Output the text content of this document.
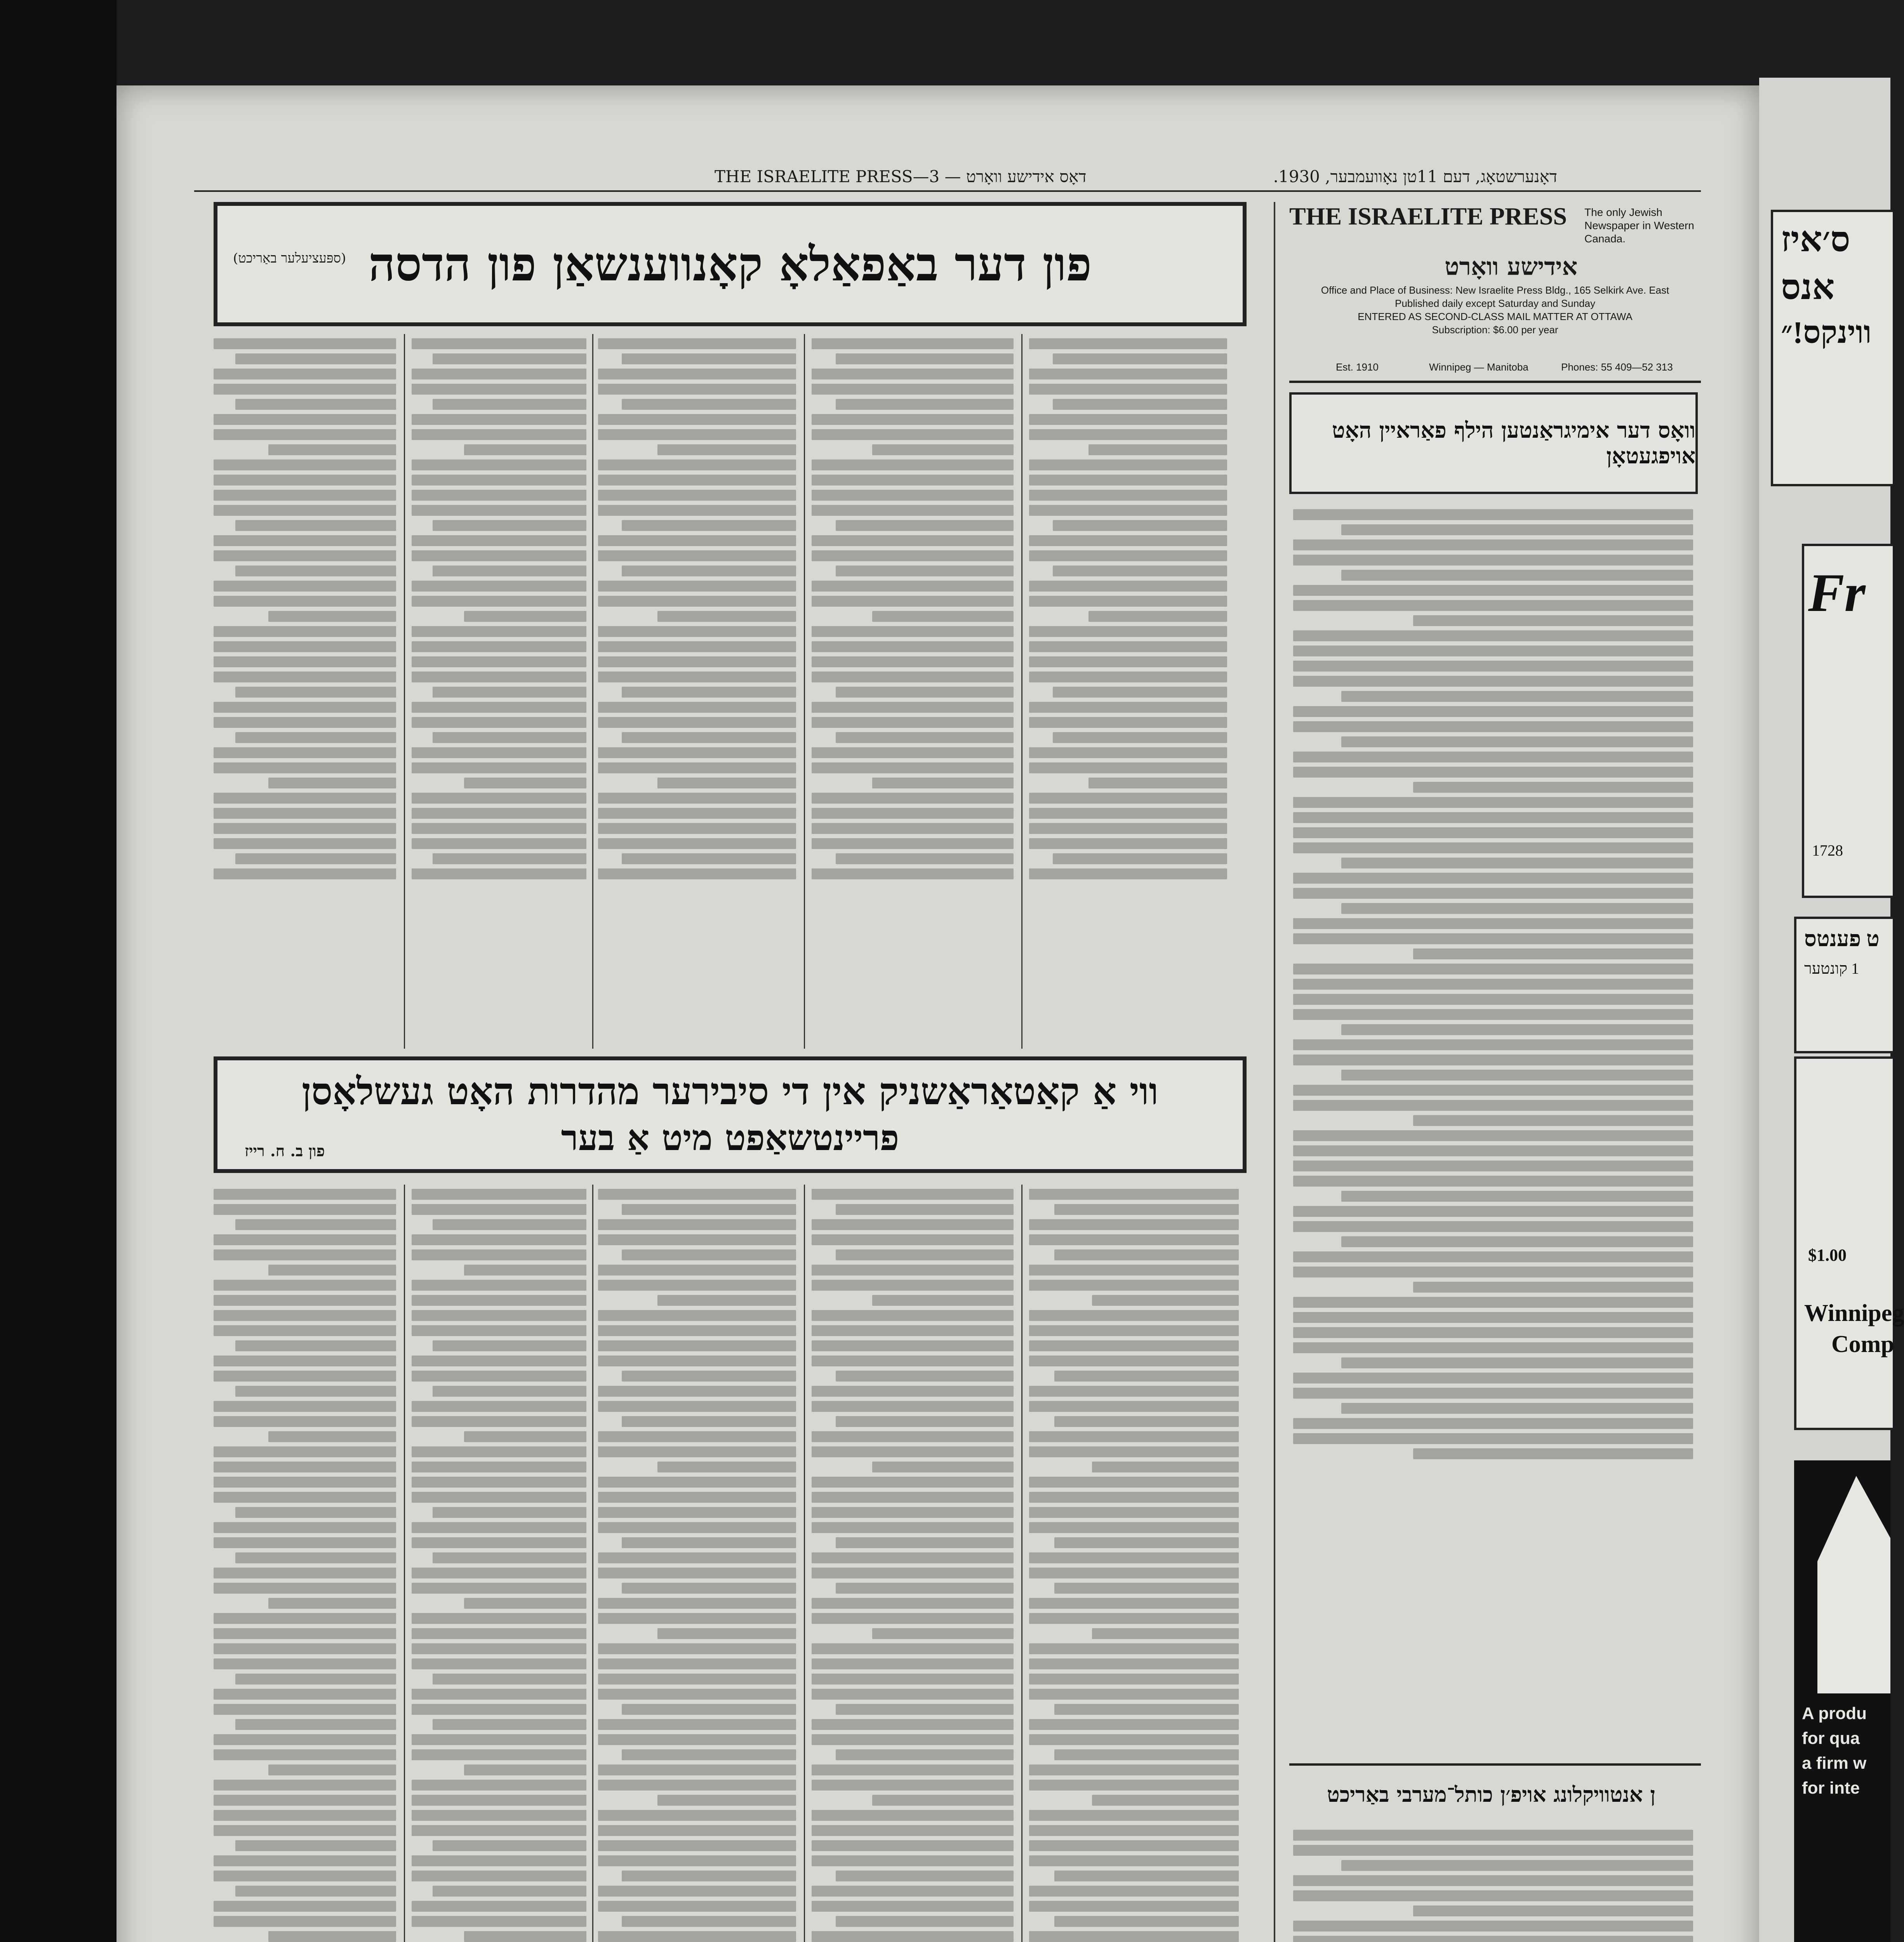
THE ISRAELITE PRESS—3 — דאָס אידישע וואָרט	דאָנערשטאָג, דעם 11טן נאָוועמבער, 1930.
פון דער באַפאַלאָ קאָנווענשאַן פון הדסה
(ספּעציעלער באַריכט)
THE ISRAELITE PRESS	The only Jewish Newspaper in Western Canada.
אידישע וואָרט
Office and Place of Business: New Israelite Press Bldg., 165 Selkirk Ave. East
Published daily except Saturday and Sunday
ENTERED AS SECOND-CLASS MAIL MATTER AT OTTAWA
Subscription: $6.00 per year
Est. 1910	Winnipeg — Manitoba	Phones: 55 409—52 313
וואָס דער אימיגראַנטען הילף פאַראיין האָט אויפגעטאָן
ווי אַ קאַטאַראַשניק אין די סיבירער מהדרות האָט געשלאָסן
פריינטשאַפט מיט אַ בער
פון ב. ח. רייז
ן אנטוויקלונג אויפ׳ן כותל־מערבי באַריכט
ס׳איז
אנס
ווינקס!״
Fr
1728
ט פענטס
1 קונטער
$1.00
Winnipeg
Comp
A produ
for qua
a firm w
for inte
